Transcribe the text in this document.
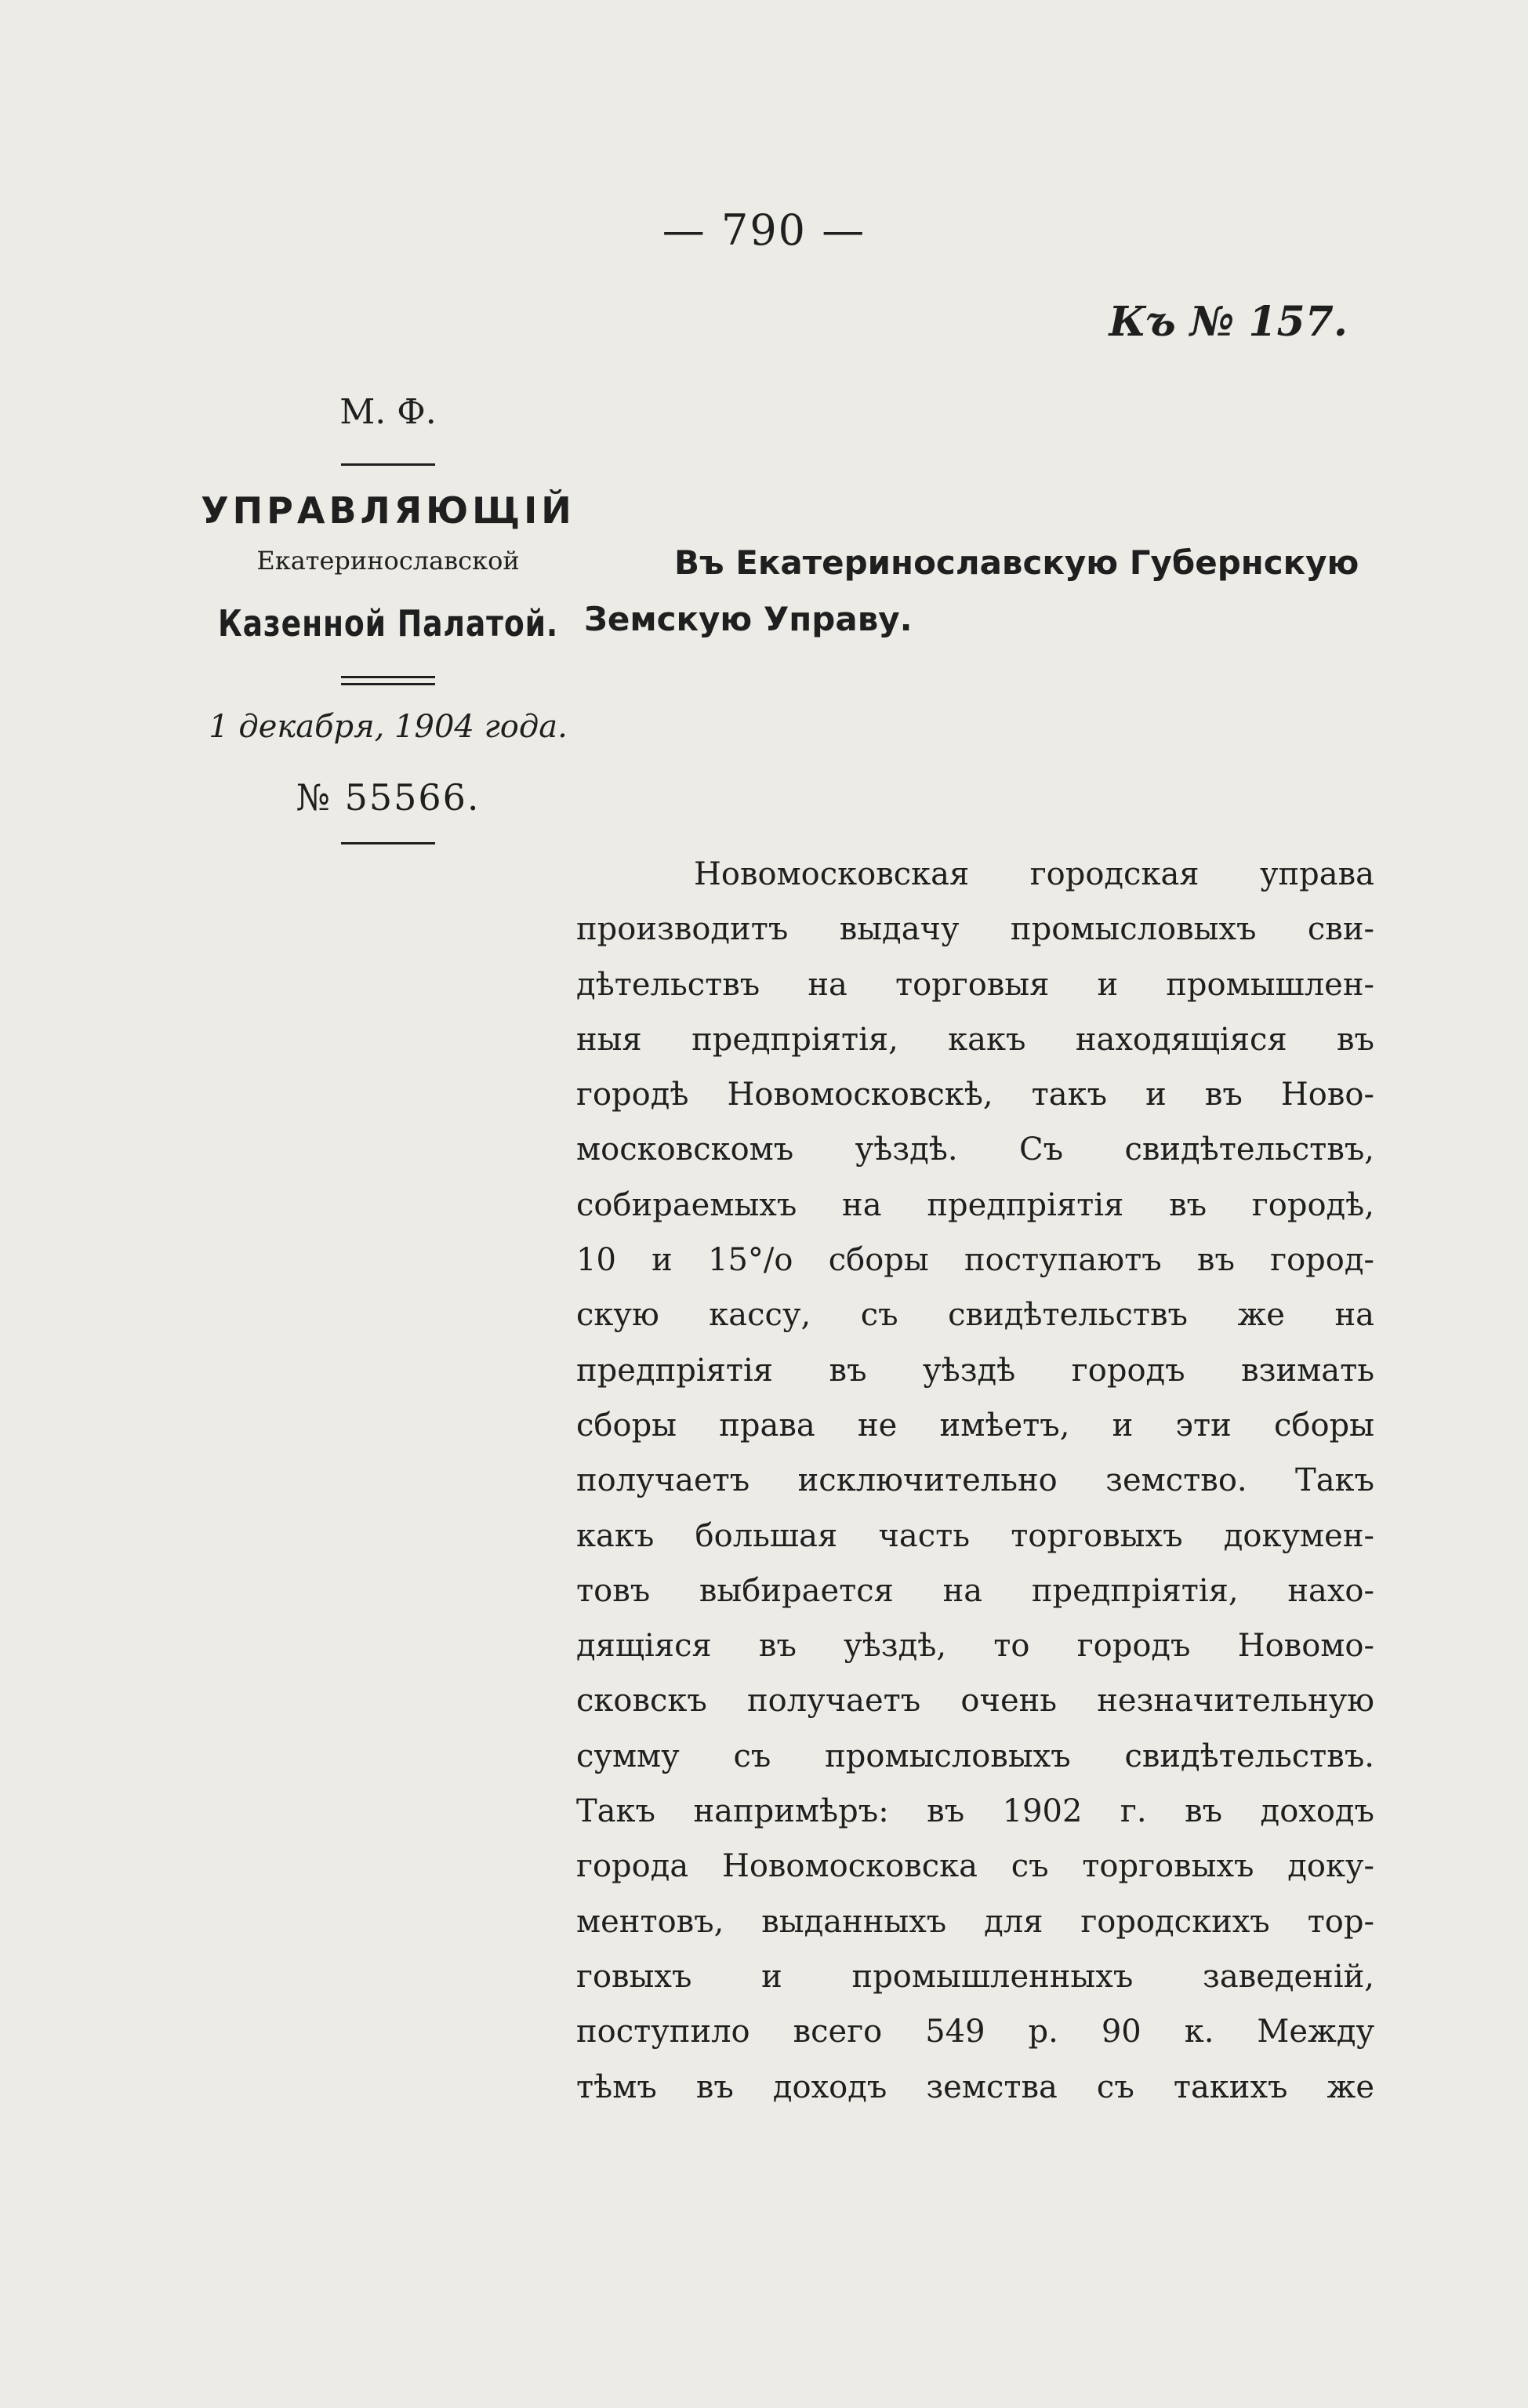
— 790 —
Къ № 157.
М. Ф.
УПРАВЛЯЮЩІЙ
Екатеринославской
Казенной Палатой.
1 декабря, 1904 года.
№ 55566.
Въ Екатеринославскую Губернскую
Земскую Управу.
Новомосковская городская управа
производитъ выдачу промысловыхъ сви-
дѣтельствъ на торговыя и промышлен-
ныя предпріятія, какъ находящіяся въ
городѣ Новомосковскѣ, такъ и въ Ново-
московскомъ уѣздѣ. Съ свидѣтельствъ,
собираемыхъ на предпріятія въ городѣ,
10 и 15°/о сборы поступаютъ въ город-
скую кассу, съ свидѣтельствъ же на
предпріятія въ уѣздѣ городъ взимать
сборы права не имѣетъ, и эти сборы
получаетъ исключительно земство. Такъ
какъ большая часть торговыхъ докумен-
товъ выбирается на предпріятія, нахо-
дящіяся въ уѣздѣ, то городъ Новомо-
сковскъ получаетъ очень незначительную
сумму съ промысловыхъ свидѣтельствъ.
Такъ напримѣръ: въ 1902 г. въ доходъ
города Новомосковска съ торговыхъ доку-
ментовъ, выданныхъ для городскихъ тор-
говыхъ и промышленныхъ заведеній,
поступило всего 549 р. 90 к. Между
тѣмъ въ доходъ земства съ такихъ же
